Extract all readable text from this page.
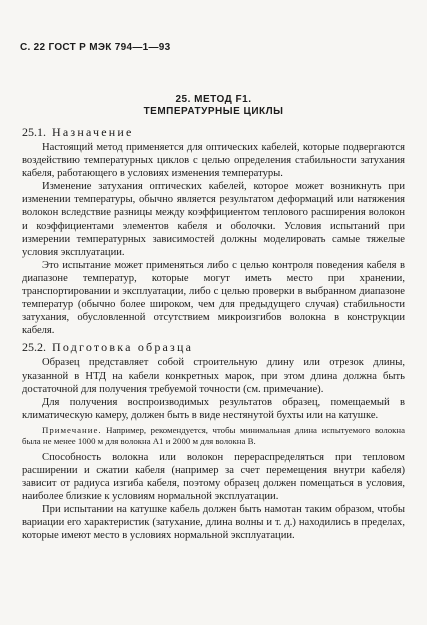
С. 22 ГОСТ Р МЭК 794—1—93
25. МЕТОД F1.
ТЕМПЕРАТУРНЫЕ ЦИКЛЫ
25.1. Назначение

Настоящий метод применяется для оптических кабелей, которые подвергаются воздействию температурных циклов с целью определения стабильности затухания кабеля, работающего в условиях изменения температуры.

Изменение затухания оптических кабелей, которое может возникнуть при изменении температуры, обычно является результатом деформаций или натяжения волокон вследствие разницы между коэффициентом теплового расширения волокон и коэффициентами элементов кабеля и оболочки. Условия испытаний при измерении температурных зависимостей должны моделировать самые тяжелые условия эксплуатации.

Это испытание может применяться либо с целью контроля поведения кабеля в диапазоне температур, которые могут иметь место при хранении, транспортировании и эксплуатации, либо с целью проверки в выбранном диапазоне температур (обычно более широком, чем для предыдущего случая) стабильности затухания, обусловленной отсутствием микроизгибов волокна в конструкции кабеля.

25.2. Подготовка образца

Образец представляет собой строительную длину или отрезок длины, указанной в НТД на кабели конкретных марок, при этом длина должна быть достаточной для получения требуемой точности (см. примечание).

Для получения воспроизводимых результатов образец, помещаемый в климатическую камеру, должен быть в виде нестянутой бухты или на катушке.

Примечание. Например, рекомендуется, чтобы минимальная длина испытуемого волокна была не менее 1000 м для волокна А1 и 2000 м для волокна В.

Способность волокна или волокон перераспределяться при тепловом расширении и сжатии кабеля (например за счет перемещения внутри кабеля) зависит от радиуса изгиба кабеля, поэтому образец должен помещаться в условия, наиболее близкие к условиям нормальной эксплуатации.

При испытании на катушке кабель должен быть намотан таким образом, чтобы вариации его характеристик (затухание, длина волны и т. д.) находились в пределах, которые имеют место в условиях нормальной эксплуатации.
